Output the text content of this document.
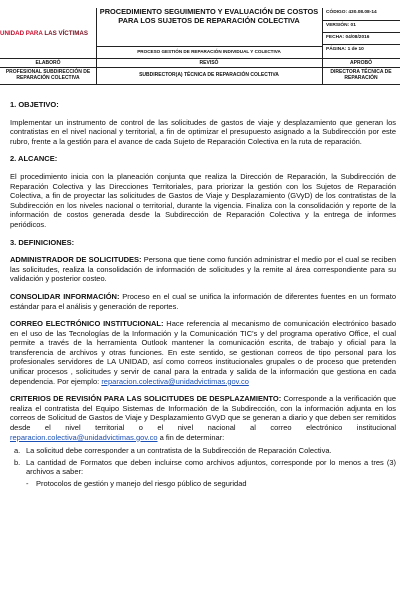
UNIDAD PARA LAS VÍCTIMAS
PROCEDIMIENTO SEGUIMIENTO Y EVALUACIÓN DE COSTOS PARA LOS SUJETOS DE REPARACIÓN COLECTIVA
PROCESO GESTIÓN DE REPARACIÓN INDIVIDUAL Y COLECTIVA
CÓDIGO: 430.08.08-14
VERSIÓN: 01
FECHA: 04/08/2016
PÁGINA: 1 de 10
ELABORÓ	REVISÓ	APROBÓ
PROFESIONAL SUBDIRECCIÓN DE REPARACIÓN COLECTIVA	SUBDIRECTOR(A) TÉCNICA DE REPARACIÓN COLECTIVA	DIRECTORA TÉCNICA DE REPARACIÓN
1. OBJETIVO:
Implementar un instrumento de control de las solicitudes de gastos de viaje y desplazamiento que generan los contratistas en el nivel nacional y territorial, a fin de optimizar el presupuesto asignado a la Subdirección por este rubro, frente a la gestión para el avance de cada Sujeto de Reparación Colectiva en la ruta de reparación.
2. ALCANCE:
El procedimiento inicia con la planeación conjunta que realiza la Dirección de Reparación, la Subdirección de Reparación Colectiva y las Direcciones Territoriales, para priorizar la gestión con los Sujetos de Reparación Colectiva, a fin de proyectar las solicitudes de Gastos de Viaje y Desplazamiento (GVyD) de los contratistas de la Subdirección en los niveles nacional o territorial, durante la vigencia. Finaliza con la consolidación y reporte de la información de costos generada desde la Subdirección de Reparación Colectiva y la entrega de informes periódicos.
3. DEFINICIONES:
ADMINISTRADOR DE SOLICITUDES: Persona que tiene como función administrar el medio por el cual se reciben las solicitudes, realiza la consolidación de información de solicitudes y la remite al área correspondiente para su validación y posterior costeo.
CONSOLIDAR INFORMACIÓN: Proceso en el cual se unifica la información de diferentes fuentes en un formato estándar para el análisis y generación de reportes.
CORREO ELECTRÓNICO INSTITUCIONAL: Hace referencia al mecanismo de comunicación electrónico basado en el uso de las Tecnologías de la Información y la Comunicación TIC's y del programa operativo Office, el cual permite a través de la herramienta Outlook mantener la comunicación escrita, de trabajo y oficial para la transferencia de archivos y otras funciones. En este sentido, se gestionan correos de tipo personal para los profesionales servidores de LA UNIDAD, así como correos institucionales grupales o de proceso que pretenden unificar procesos , solicitudes y servir de canal para la entrada y salida de la información que gestiona en cada dependencia. Por ejemplo: reparacion.colectiva@unidadvictimas.gov.co
CRITERIOS DE REVISIÓN PARA LAS SOLICITUDES DE DESPLAZAMIENTO: Corresponde a la verificación que realiza el contratista del Equipo Sistemas de Información de la Subdirección, con la información adjunta en los correos de Solicitud de Gastos de Viaje y Desplazamiento GVyD que se generan a diario y que deben ser remitidos desde el nivel territorial o el nivel nacional al correo electrónico institucional reparacion.colectiva@unidadvictimas.gov.co a fin de determinar:
a. La solicitud debe corresponder a un contratista de la Subdirección de Reparación Colectiva.
b. La cantidad de Formatos que deben incluirse como archivos adjuntos, corresponde por lo menos a tres (3) archivos a saber:
-	Protocolos de gestión y manejo del riesgo público de seguridad
